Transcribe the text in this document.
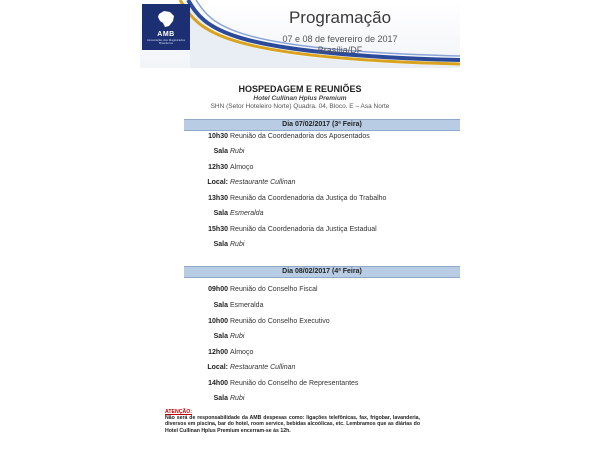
AMB
Associação dos Magistrados Brasileiros
Programação
07 e 08 de fevereiro de 2017
Brasília/DF
HOSPEDAGEM E REUNIÕES
Hotel Cullinan Hplus Premium
SHN (Setor Hoteleiro Norte) Quadra. 04, Bloco. E – Asa Norte
Dia 07/02/2017 (3ª Feira)
10h30 Reunião da Coordenadoria dos Aposentados
Sala Rubi
12h30 Almoço
Local: Restaurante Cullinan
13h30 Reunião da Coordenadoria da Justiça do Trabalho
Sala Esmeralda
15h30 Reunião da Coordenadoria da Justiça Estadual
Sala Rubi
Dia 08/02/2017 (4ª Feira)
09h00 Reunião do Conselho Fiscal
Sala Esmeralda
10h00 Reunião do Conselho Executivo
Sala Rubi
12h00 Almoço
Local: Restaurante Cullinan
14h00 Reunião do Conselho de Representantes
Sala Rubi
ATENÇÃO:
Não será de responsabilidade da AMB despesas como: ligações telefônicas, fax, frigobar, lavanderia, diversos em piscina, bar do hotel, room service, bebidas alcoólicas, etc. Lembramos que as diárias do Hotel Cullinan Hplus Premium encerram-se às 12h.
